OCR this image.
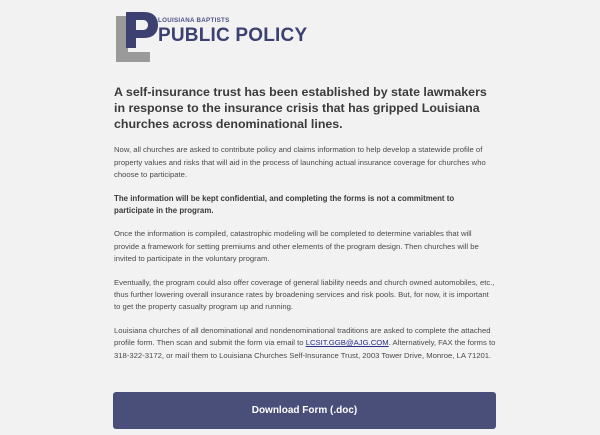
LOUISIANA BAPTISTS
PUBLIC POLICY
A self-insurance trust has been established by state lawmakers in response to the insurance crisis that has gripped Louisiana churches across denominational lines.

Now, all churches are asked to contribute policy and claims information to help develop a statewide profile of property values and risks that will aid in the process of launching actual insurance coverage for churches who choose to participate.

The information will be kept confidential, and completing the forms is not a commitment to participate in the program.

Once the information is compiled, catastrophic modeling will be completed to determine variables that will provide a framework for setting premiums and other elements of the program design. Then churches will be invited to participate in the voluntary program.

Eventually, the program could also offer coverage of general liability needs and church owned automobiles, etc., thus further lowering overall insurance rates by broadening services and risk pools. But, for now, it is important to get the property casualty program up and running.

Louisiana churches of all denominational and nondenominational traditions are asked to complete the attached profile form. Then scan and submit the form via email to LCSIT.GGB@AJG.COM. Alternatively, FAX the forms to 318-322-3172, or mail them to Louisiana Churches Self-Insurance Trust, 2003 Tower Drive, Monroe, LA 71201.

Download Form (.doc)
